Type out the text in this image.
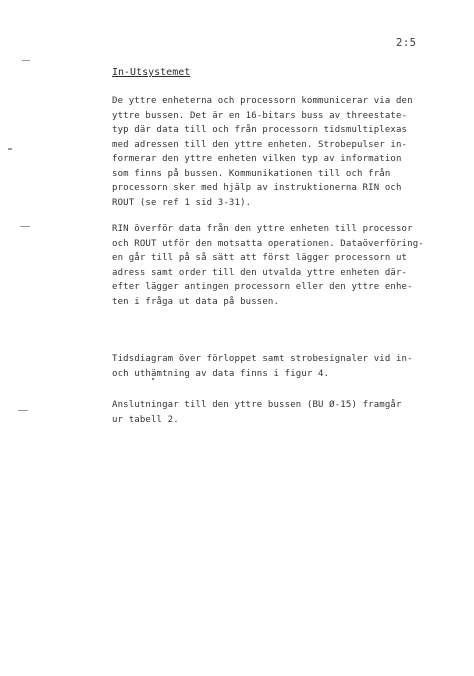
2:5
In-Utsystemet
De yttre enheterna och processorn kommunicerar via den
yttre bussen. Det är en 16-bitars buss av threestate-
typ där data till och från processorn tidsmultiplexas
med adressen till den yttre enheten. Strobepulser in-
formerar den yttre enheten vilken typ av information
som finns på bussen. Kommunikationen till och från
processorn sker med hjälp av instruktionerna RIN och
ROUT (se ref 1 sid 3-31).
RIN överför data från den yttre enheten till processor
och ROUT utför den motsatta operationen. Dataöverföring-
en går till på så sätt att först lägger processorn ut
adress samt order till den utvalda yttre enheten där-
efter lägger antingen processorn eller den yttre enhe-
ten i fråga ut data på bussen.
Tidsdiagram över förloppet samt strobesignaler vid in-
och uthämtning av data finns i figur 4.
Anslutningar till den yttre bussen (BU Ø-15) framgår
ur tabell 2.
